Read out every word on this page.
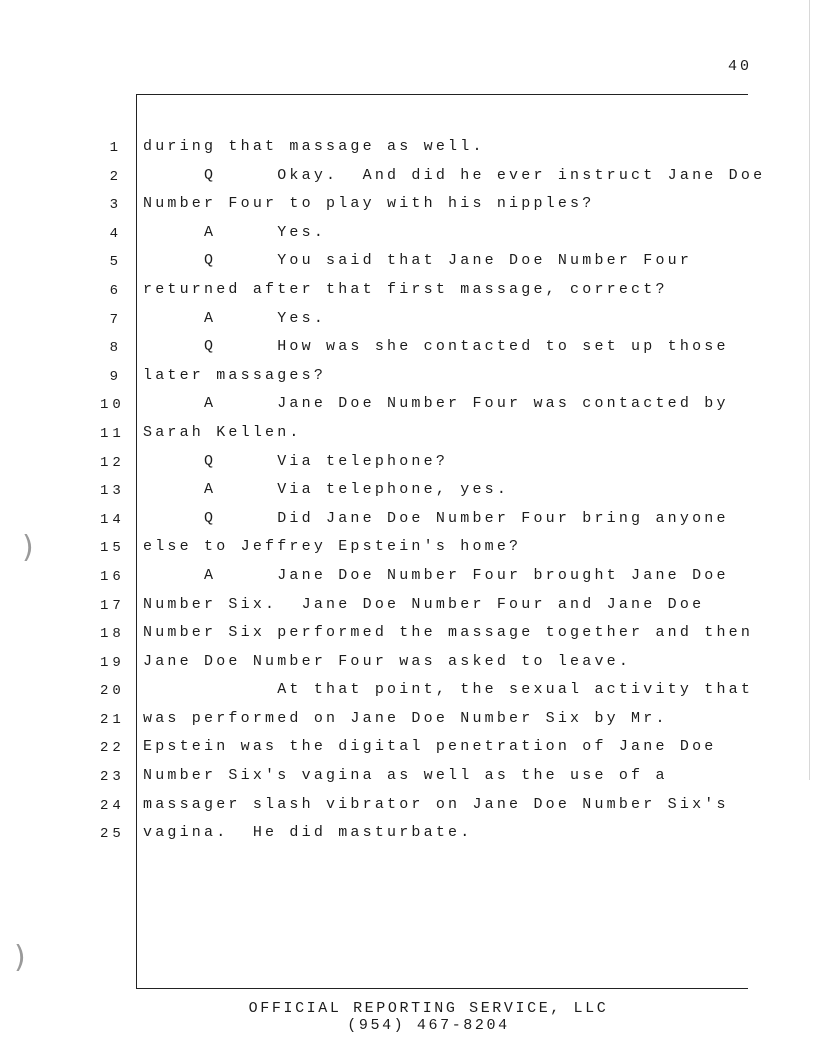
40
)
)
1 during that massage as well.
2 Q     Okay.  And did he ever instruct Jane Doe
3 Number Four to play with his nipples?
4 A     Yes.
5 Q     You said that Jane Doe Number Four
6 returned after that first massage, correct?
7 A     Yes.
8 Q     How was she contacted to set up those
9 later massages?
10 A     Jane Doe Number Four was contacted by
11 Sarah Kellen.
12 Q     Via telephone?
13 A     Via telephone, yes.
14 Q     Did Jane Doe Number Four bring anyone
15 else to Jeffrey Epstein's home?
16 A     Jane Doe Number Four brought Jane Doe
17 Number Six.  Jane Doe Number Four and Jane Doe
18 Number Six performed the massage together and then
19 Jane Doe Number Four was asked to leave.
20 At that point, the sexual activity that
21 was performed on Jane Doe Number Six by Mr.
22 Epstein was the digital penetration of Jane Doe
23 Number Six's vagina as well as the use of a
24 massager slash vibrator on Jane Doe Number Six's
25 vagina.  He did masturbate.
OFFICIAL REPORTING SERVICE, LLC
(954) 467-8204
